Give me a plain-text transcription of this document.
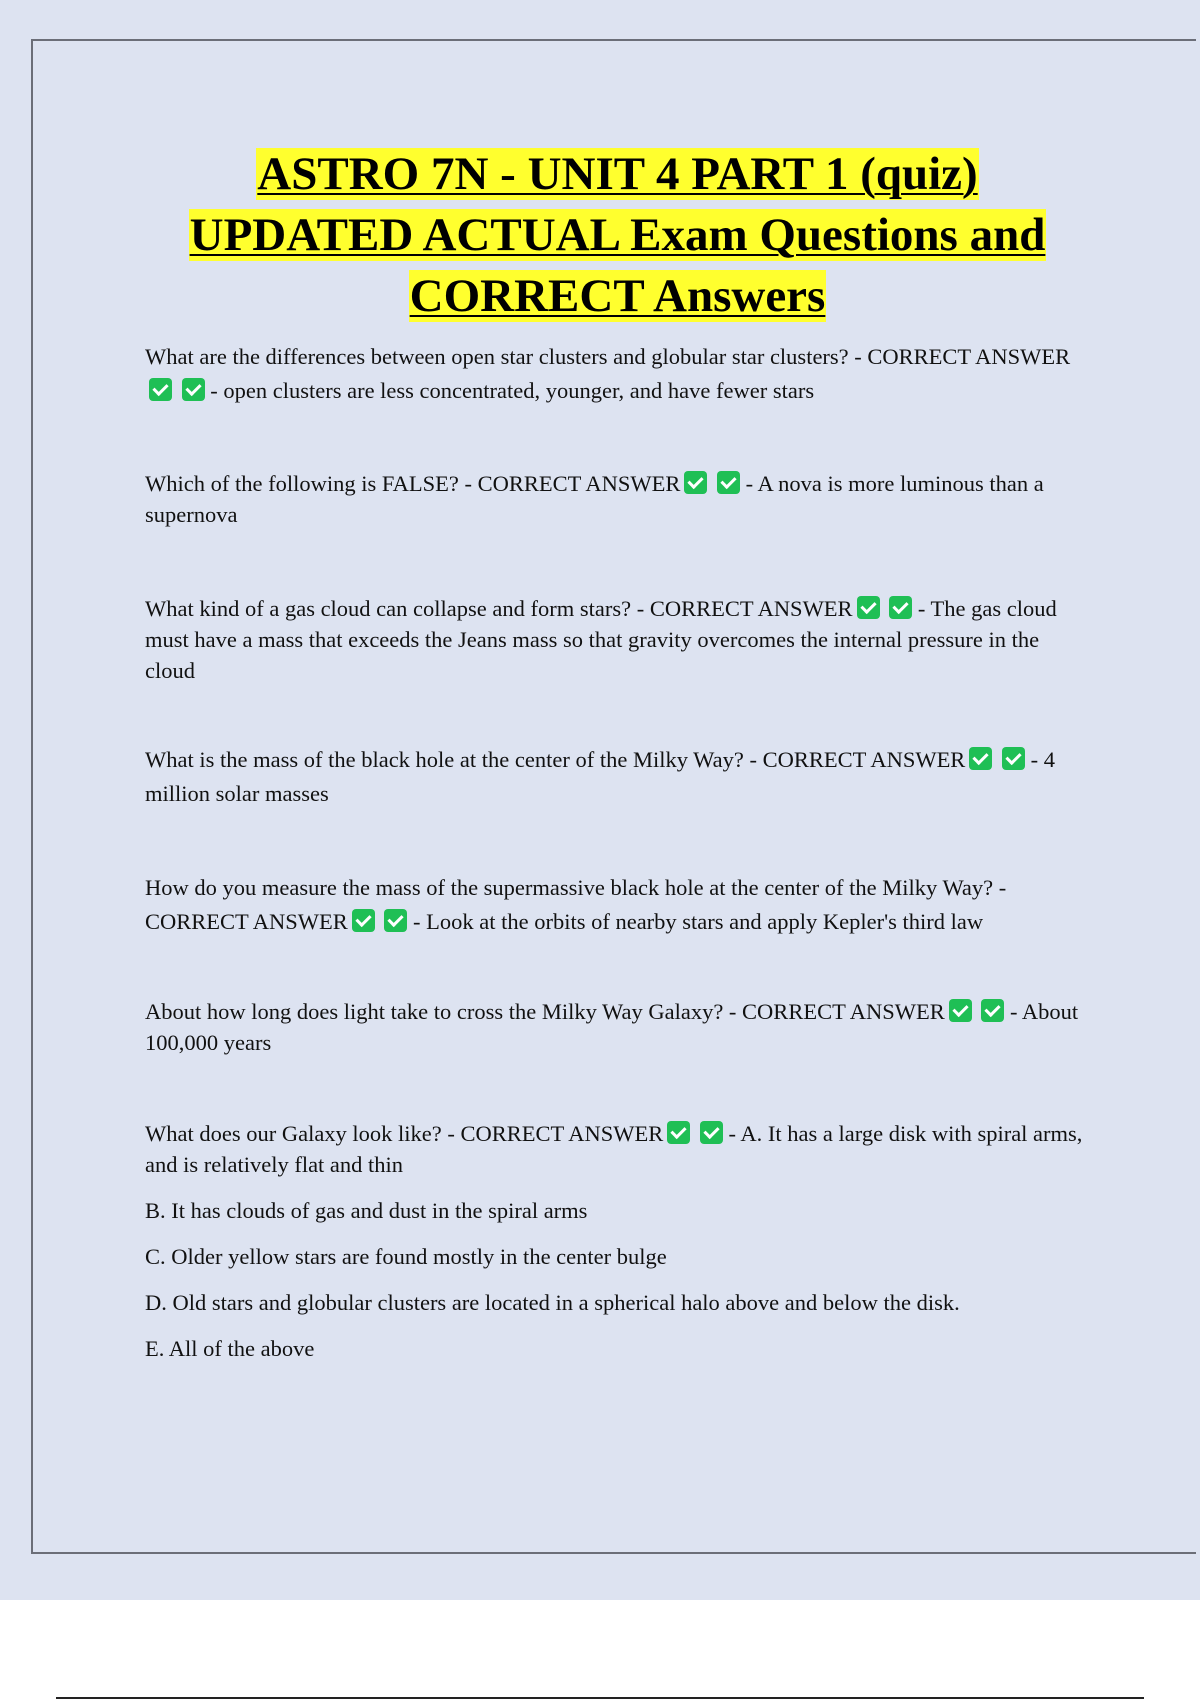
ASTRO 7N - UNIT 4 PART 1 (quiz)
UPDATED ACTUAL Exam Questions and
CORRECT Answers

What are the differences between open star clusters and globular star clusters? - CORRECT ANSWER  - open clusters are less concentrated, younger, and have fewer stars

Which of the following is FALSE? - CORRECT ANSWER	- A nova is more luminous than a supernova

What kind of a gas cloud can collapse and form stars? - CORRECT ANSWER	- The gas cloud must have a mass that exceeds the Jeans mass so that gravity overcomes the internal pressure in the cloud

What is the mass of the black hole at the center of the Milky Way? - CORRECT ANSWER	- 4 million solar masses

How do you measure the mass of the supermassive black hole at the center of the Milky Way? - CORRECT ANSWER	- Look at the orbits of nearby stars and apply Kepler's third law

About how long does light take to cross the Milky Way Galaxy? - CORRECT ANSWER	- About 100,000 years

What does our Galaxy look like? - CORRECT ANSWER	- A. It has a large disk with spiral arms, and is relatively flat and thin

B. It has clouds of gas and dust in the spiral arms

C. Older yellow stars are found mostly in the center bulge

D. Old stars and globular clusters are located in a spherical halo above and below the disk.

E. All of the above
